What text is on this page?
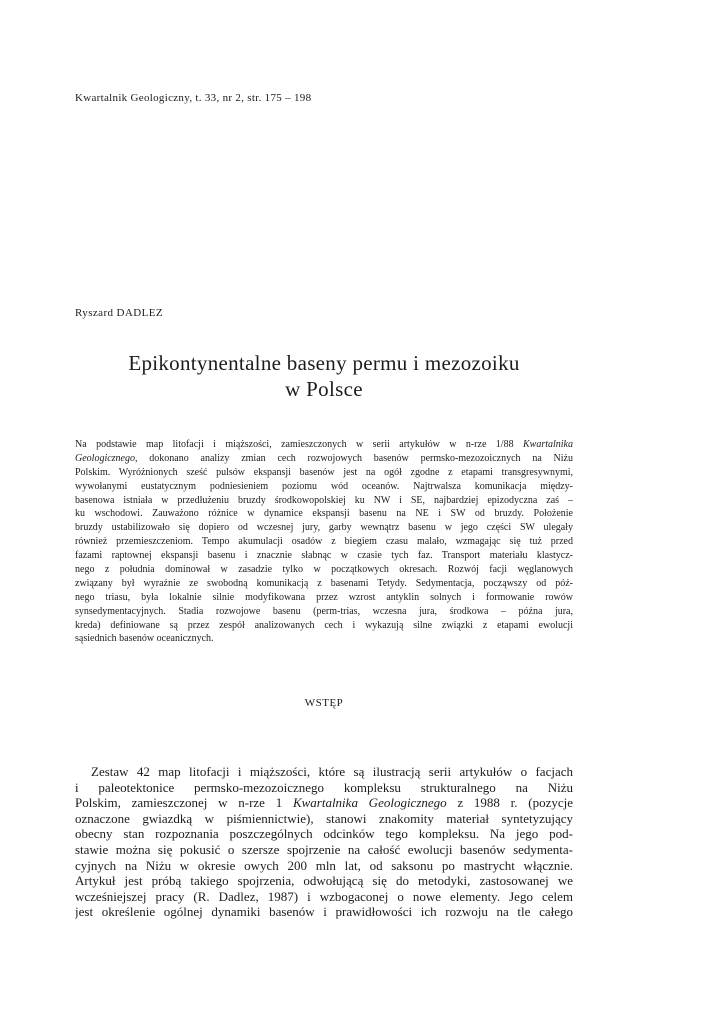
Kwartalnik Geologiczny, t. 33, nr 2, str. 175 – 198
Ryszard DADLEZ
Epikontynentalne baseny permu i mezozoiku
w Polsce
Na podstawie map litofacji i miąższości, zamieszczonych w serii artykułów w n-rze 1/88 Kwartalnika
Geologicznego, dokonano analizy zmian cech rozwojowych basenów permsko-mezozoicznych na Niżu
Polskim. Wyróżnionych sześć pulsów ekspansji basenów jest na ogół zgodne z etapami transgresywnymi,
wywołanymi eustatycznym podniesieniem poziomu wód oceanów. Najtrwalsza komunikacja między-
basenowa istniała w przedłużeniu bruzdy środkowopolskiej ku NW i SE, najbardziej epizodyczna zaś –
ku wschodowi. Zauważono różnice w dynamice ekspansji basenu na NE i SW od bruzdy. Położenie
bruzdy ustabilizowało się dopiero od wczesnej jury, garby wewnątrz basenu w jego części SW ulegały
również przemieszczeniom. Tempo akumulacji osadów z biegiem czasu malało, wzmagając się tuż przed
fazami raptownej ekspansji basenu i znacznie słabnąc w czasie tych faz. Transport materiału klastycz-
nego z południa dominował w zasadzie tylko w początkowych okresach. Rozwój facji węglanowych
związany był wyraźnie ze swobodną komunikacją z basenami Tetydy. Sedymentacja, począwszy od póź-
nego triasu, była lokalnie silnie modyfikowana przez wzrost antyklin solnych i formowanie rowów
synsedymentacyjnych. Stadia rozwojowe basenu (perm-trias, wczesna jura, środkowa – późna jura,
kreda) definiowane są przez zespół analizowanych cech i wykazują silne związki z etapami ewolucji
sąsiednich basenów oceanicznych.
WSTĘP
Zestaw 42 map litofacji i miąższości, które są ilustracją serii artykułów o facjach
i paleotektonice permsko-mezozoicznego kompleksu strukturalnego na Niżu
Polskim, zamieszczonej w n-rze 1 Kwartalnika Geologicznego z 1988 r. (pozycje
oznaczone gwiazdką w piśmiennictwie), stanowi znakomity materiał syntetyzujący
obecny stan rozpoznania poszczególnych odcinków tego kompleksu. Na jego pod-
stawie można się pokusić o szersze spojrzenie na całość ewolucji basenów sedymenta-
cyjnych na Niżu w okresie owych 200 mln lat, od saksonu po mastrycht włącznie.
Artykuł jest próbą takiego spojrzenia, odwołującą się do metodyki, zastosowanej we
wcześniejszej pracy (R. Dadlez, 1987) i wzbogaconej o nowe elementy. Jego celem
jest określenie ogólnej dynamiki basenów i prawidłowości ich rozwoju na tle całego
